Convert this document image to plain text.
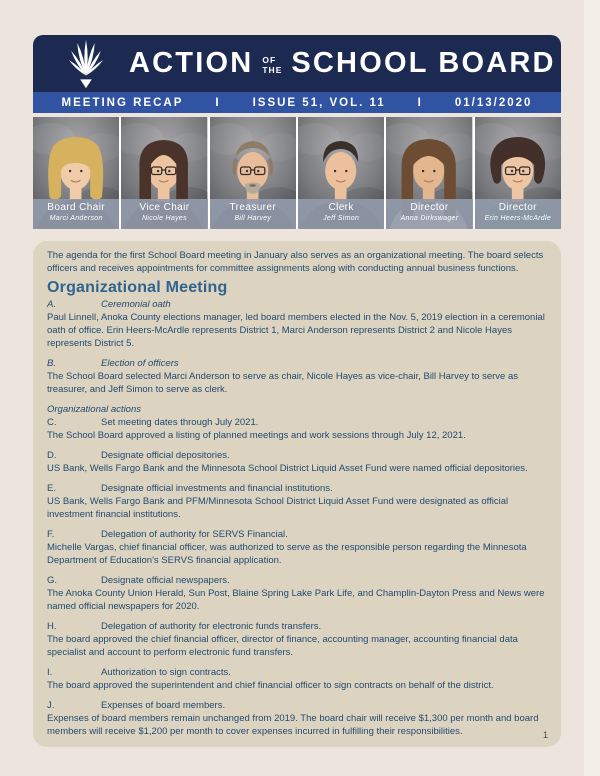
ACTION OF
THE SCHOOL BOARD
MEETING RECAP	I	ISSUE 51, VOL. 11	I	01/13/2020
Board Chair
Marci Anderson
Vice Chair
Nicole Hayes
Treasurer
Bill Harvey
Clerk
Jeff Simon
Director
Anna Dirkswager
Director
Erin Heers-McArdle

The agenda for the first School Board meeting in January also serves as an organizational meeting. The board selects officers and receives appointments for committee assignments along with conducting annual business functions.

Organizational Meeting
A.	Ceremonial oath

Paul Linnell, Anoka County elections manager, led board members elected in the Nov. 5, 2019 election in a ceremonial oath of office. Erin Heers-McArdle represents District 1, Marci Anderson represents District 2 and Nicole Hayes represents District 5.

B.	Election of officers

The School Board selected Marci Anderson to serve as chair, Nicole Hayes as vice-chair, Bill Harvey to serve as treasurer, and Jeff Simon to serve as clerk.

Organizational actions
C.	Set meeting dates through July 2021.

The School Board approved a listing of planned meetings and work sessions through July 12, 2021.

D.	Designate official depositories.

US Bank, Wells Fargo Bank and the Minnesota School District Liquid Asset Fund were named official depositories.

E.	Designate official investments and financial institutions.

US Bank, Wells Fargo Bank and PFM/Minnesota School District Liquid Asset Fund were designated as official investment financial institutions.

F.	Delegation of authority for SERVS Financial.

Michelle Vargas, chief financial officer, was authorized to serve as the responsible person regarding the Minnesota Department of Education's SERVS financial application.

G.	Designate official newspapers.

The Anoka County Union Herald, Sun Post, Blaine Spring Lake Park Life, and Champlin-Dayton Press and News were named official newspapers for 2020.

H.	Delegation of authority for electronic funds transfers.

The board approved the chief financial officer, director of finance, accounting manager, accounting financial data specialist and account to perform electronic fund transfers.

I.	Authorization to sign contracts.

The board approved the superintendent and chief financial officer to sign contracts on behalf of the district.

J.	Expenses of board members.

Expenses of board members remain unchanged from 2019. The board chair will receive $1,300 per month and board members will receive $1,200 per month to cover expenses incurred in fulfilling their responsibilities.	1
